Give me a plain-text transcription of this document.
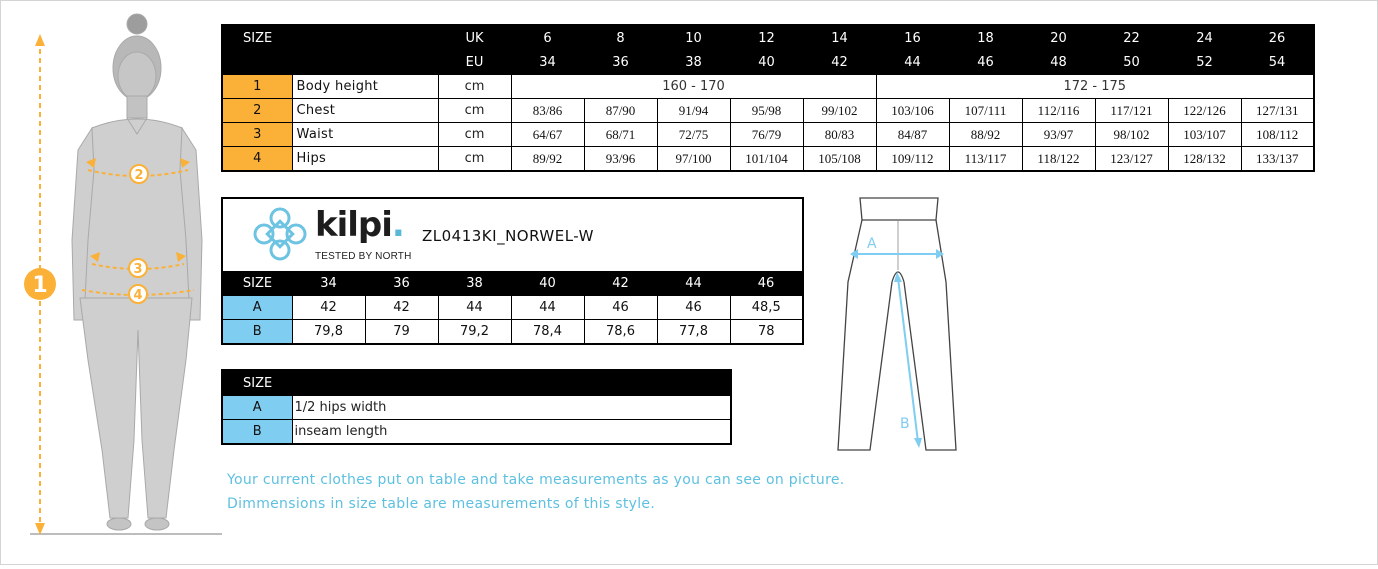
1
2
3
4
SIZE		UK	6	8	10	12	14	16	18	20	22	24	26
		EU	34	36	38	40	42	44	46	48	50	52	54
1	Body height	cm	160 - 170					172 - 175					
2	Chest	cm	83/86	87/90	91/94	95/98	99/102	103/106	107/111	112/116	117/121	122/126	127/131
3	Waist	cm	64/67	68/71	72/75	76/79	80/83	84/87	88/92	93/97	98/102	103/107	108/112
4	Hips	cm	89/92	93/96	97/100	101/104	105/108	109/112	113/117	118/122	123/127	128/132	133/137
kilpi.
TESTED BY NORTH
ZL0413KI_NORWEL-W							

SIZE	34	36	38	40	42	44	46
A	42	42	44	44	46	46	48,5
B	79,8	79	79,2	78,4	78,6	77,8	78
SIZE	
A	1/2 hips width
B	inseam length
A
B
Your current clothes put on table and take measurements as you can see on picture.
Dimmensions in size table are measurements of this style.
